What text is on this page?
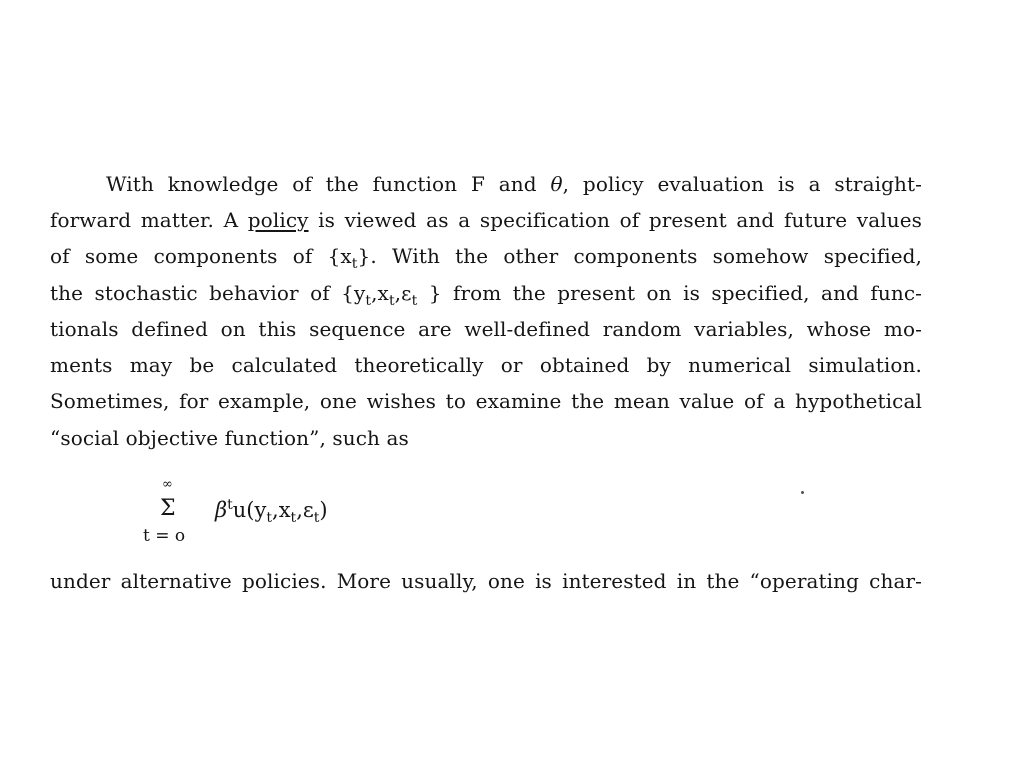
With knowledge of the function F and θ, policy evaluation is a straight-
forward matter. A policy is viewed as a specification of present and future values
of some components of $\{x_t\}$. With the other components somehow specified,
the stochastic behavior of {$y_t,x_t,\varepsilon_t$ } from the present on is specified, and func-
tionals defined on this sequence are well-defined random variables, whose mo-
ments may be calculated theoretically or obtained by numerical simulation.
Sometimes, for example, one wishes to examine the mean value of a hypothetical
“social objective function”, such as
∞
Σ
t = o
$\beta^tu(y_t,x_t,\varepsilon_t)$
under alternative policies. More usually, one is interested in the “operating char-
